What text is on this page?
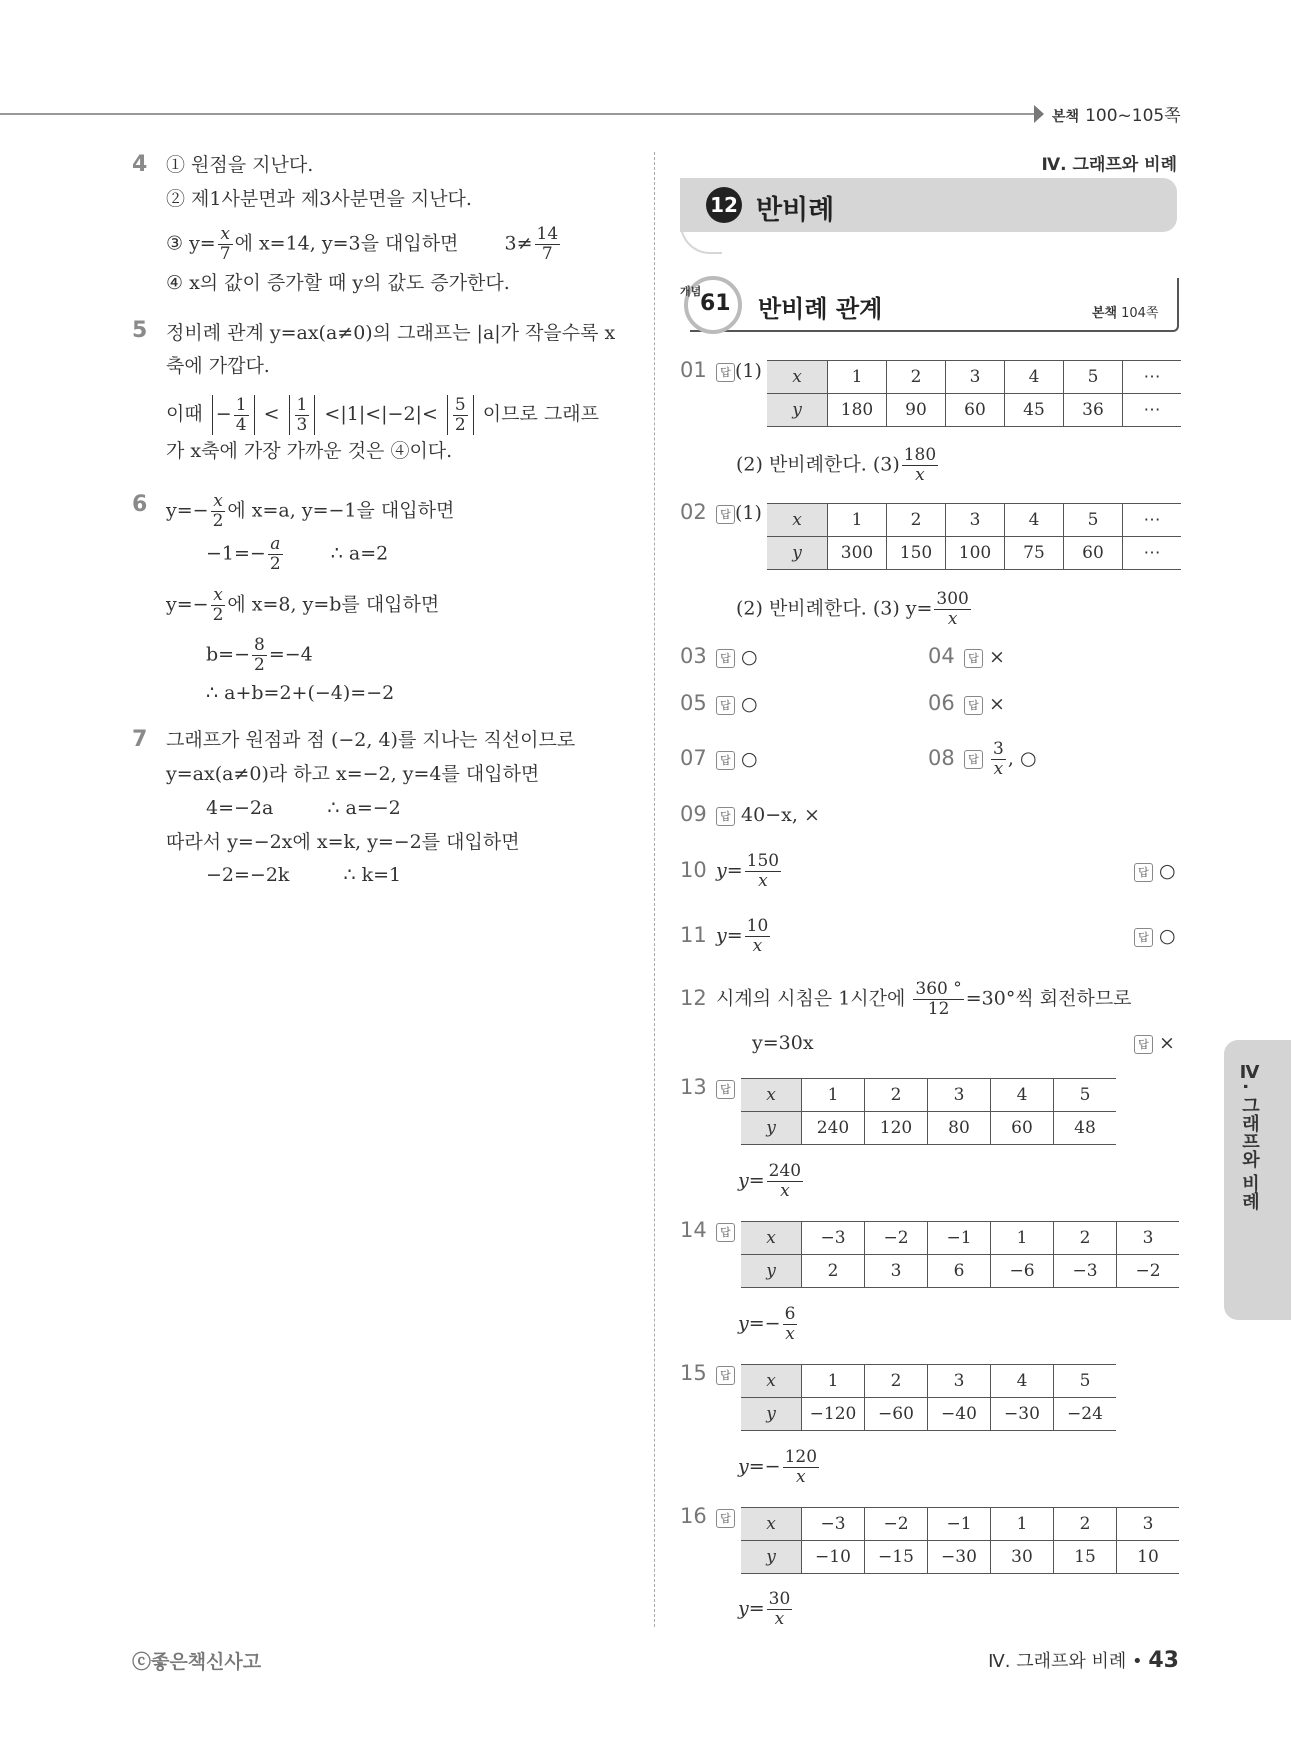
본책 100~105쪽
4 ① 원점을 지난다.
② 제1사분면과 제3사분면을 지난다.
③ $y= \frac{x}{7}$ 에 x=14, y=3을 대입하면 $3\ne \frac{14}{7}$
④ x의 값이 증가할 때 y의 값도 증가한다.
5 정비례 관계 y=ax(a≠0)의 그래프는 |a|가 작을수록 x
축에 가깝다.
이때 − $\frac{1}{4} < \frac{1}{3} <|1|<|-2|< \frac{5}{2}$ 이므로 그래프
가 x축에 가장 가까운 것은 ④이다.
6 $y=- \frac{x}{2}$ 에 x=a, y=−1을 대입하면
$-1=- \frac{a}{2}$	∴ a=2
$y=- \frac{x}{2}$ 에 x=8, y=b를 대입하면
$b=- \frac{8}{2} =-4$
∴ a+b=2+(−4)=−2
7 그래프가 원점과 점 (−2, 4)를 지나는 직선이므로
y=ax(a≠0)라 하고 x=−2, y=4를 대입하면
4=−2a	∴ a=−2
따라서 y=−2x에 x=k, y=−2를 대입하면
−2=−2k	∴ k=1
Ⅳ. 그래프와 비례
12 반비례
개념
61 반비례 관계	본책 104쪽
01	답 (1) x	1	2	3	4	5	⋯
y	180	90	60	45	36	⋯
(2) 반비례한다. $(3) \frac{180}{x}$
02	답 (1) x	1	2	3	4	5	⋯
y	300	150	100	75	60	⋯
(2) 반비례한다. (3) $y= \frac{300}{x}$
03	답 ○	04	답 ×
05	답 ○	06	답 ×
07	답 ○	08	답 $\frac{3}{x}$ , ○
09	답 40−x, ×
10 $y= \frac{150}{x}$	답 ○
11 $y= \frac{10}{x}$	답 ○
12 시계의 시침은 1시간에 $\frac{360 ^\circ}{12} =30^\circ$씩 회전하므로
y=30x	답 ×
13	답 x	1	2	3	4	5
y	240	120	80	60	48
$y= \frac{240}{x}$
14	답 x	−3	−2	−1	1	2	3
y	2	3	6	−6	−3	−2
$y=- \frac{6}{x}$
15	답 x	1	2	3	4	5
y	−120	−60	−40	−30	−24
$y=- \frac{120}{x}$
16	답 x	−3	−2	−1	1	2	3
y	−10	−15	−30	30	15	10
$y= \frac{30}{x}$
Ⅳ. 그래프와 비례
ⓒ좋은책신사고	Ⅳ. 그래프와 비례 • 43
